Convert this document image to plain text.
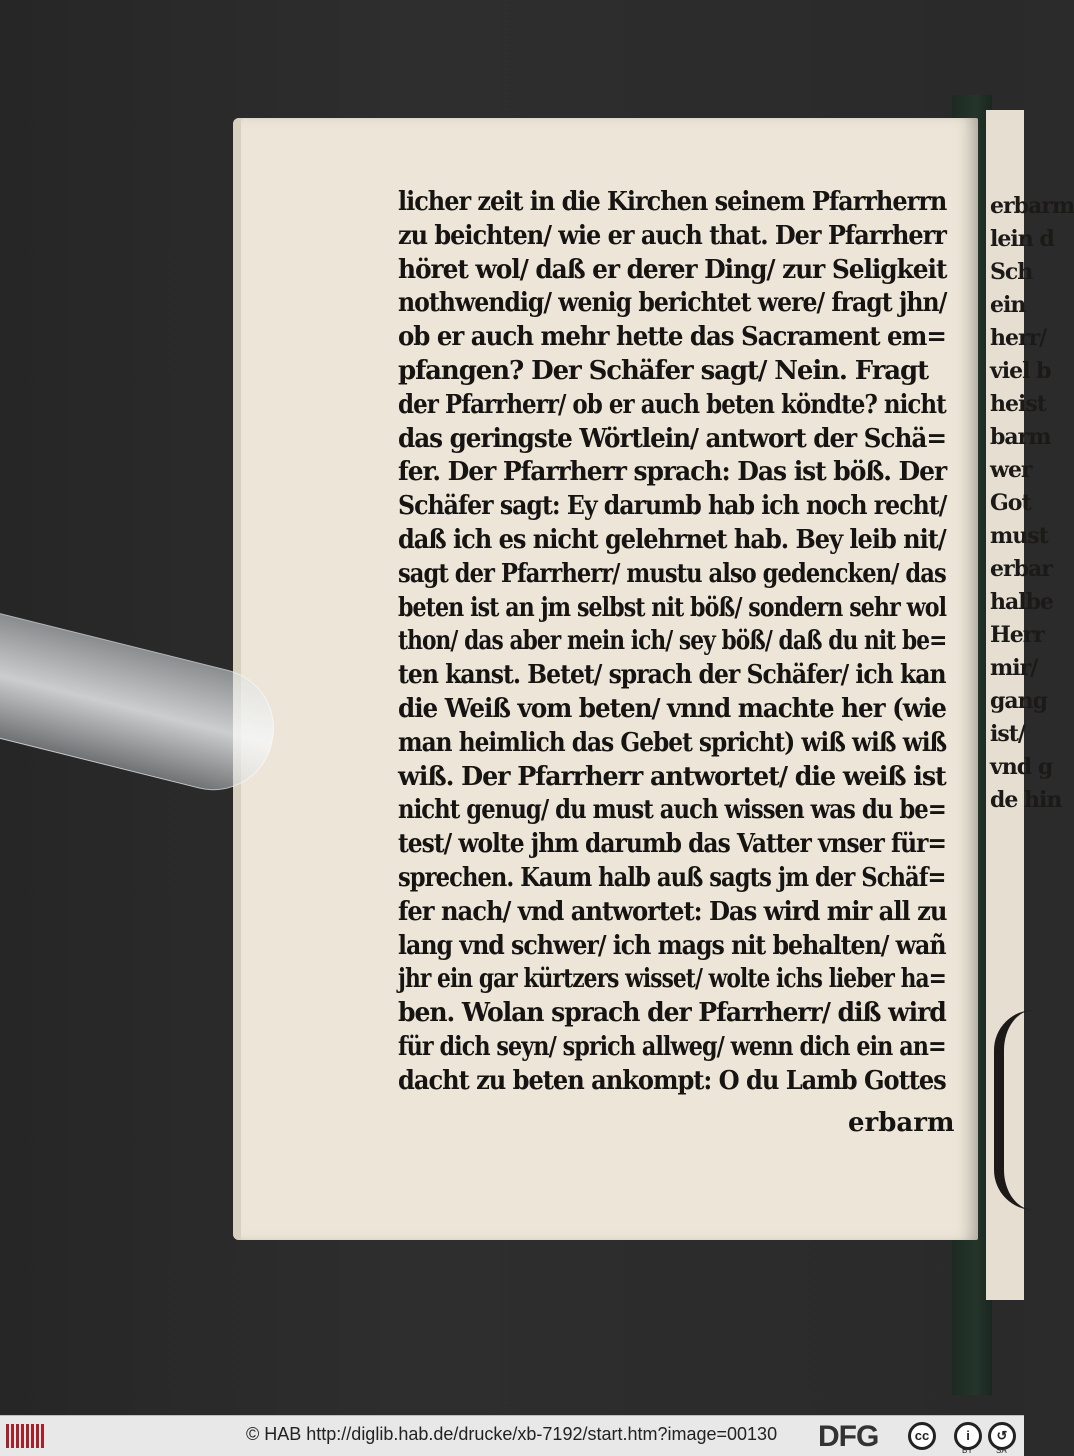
erbarm
lein d
Sch
ein
herr/
viel b
heist
barm
wer
Got
must
erbar
halbe
Herr
mir/
gang
ist/
vnd g
de hin
licher zeit in die Kirchen seinem Pfarrherrn
zu beichten/ wie er auch that. Der Pfarrherr
höret wol/ daß er derer Ding/ zur Seligkeit
nothwendig/ wenig berichtet were/ fragt jhn/
ob er auch mehr hette das Sacrament em=
pfangen? Der Schäfer sagt/ Nein. Fragt
der Pfarrherr/ ob er auch beten köndte? nicht
das geringste Wörtlein/ antwort der Schä=
fer. Der Pfarrherr sprach: Das ist böß. Der
Schäfer sagt: Ey darumb hab ich noch recht/
daß ich es nicht gelehrnet hab. Bey leib nit/
sagt der Pfarrherr/ mustu also gedencken/ das
beten ist an jm selbst nit böß/ sondern sehr wol
thon/ das aber mein ich/ sey böß/ daß du nit be=
ten kanst. Betet/ sprach der Schäfer/ ich kan
die Weiß vom beten/ vnnd machte her (wie
man heimlich das Gebet spricht) wiß wiß wiß
wiß. Der Pfarrherr antwortet/ die weiß ist
nicht genug/ du must auch wissen was du be=
test/ wolte jhm darumb das Vatter vnser für=
sprechen. Kaum halb auß sagts jm der Schäf=
fer nach/ vnd antwortet: Das wird mir all zu
lang vnd schwer/ ich mags nit behalten/ wañ
jhr ein gar kürtzers wisset/ wolte ichs lieber ha=
ben. Wolan sprach der Pfarrherr/ diß wird
für dich seyn/ sprich allweg/ wenn dich ein an=
dacht zu beten ankompt: O du Lamb Gottes
erbarm
© HAB http://diglib.hab.de/drucke/xb-7192/start.htm?image=00130 DFG	cc	i
BY
↺
SA
